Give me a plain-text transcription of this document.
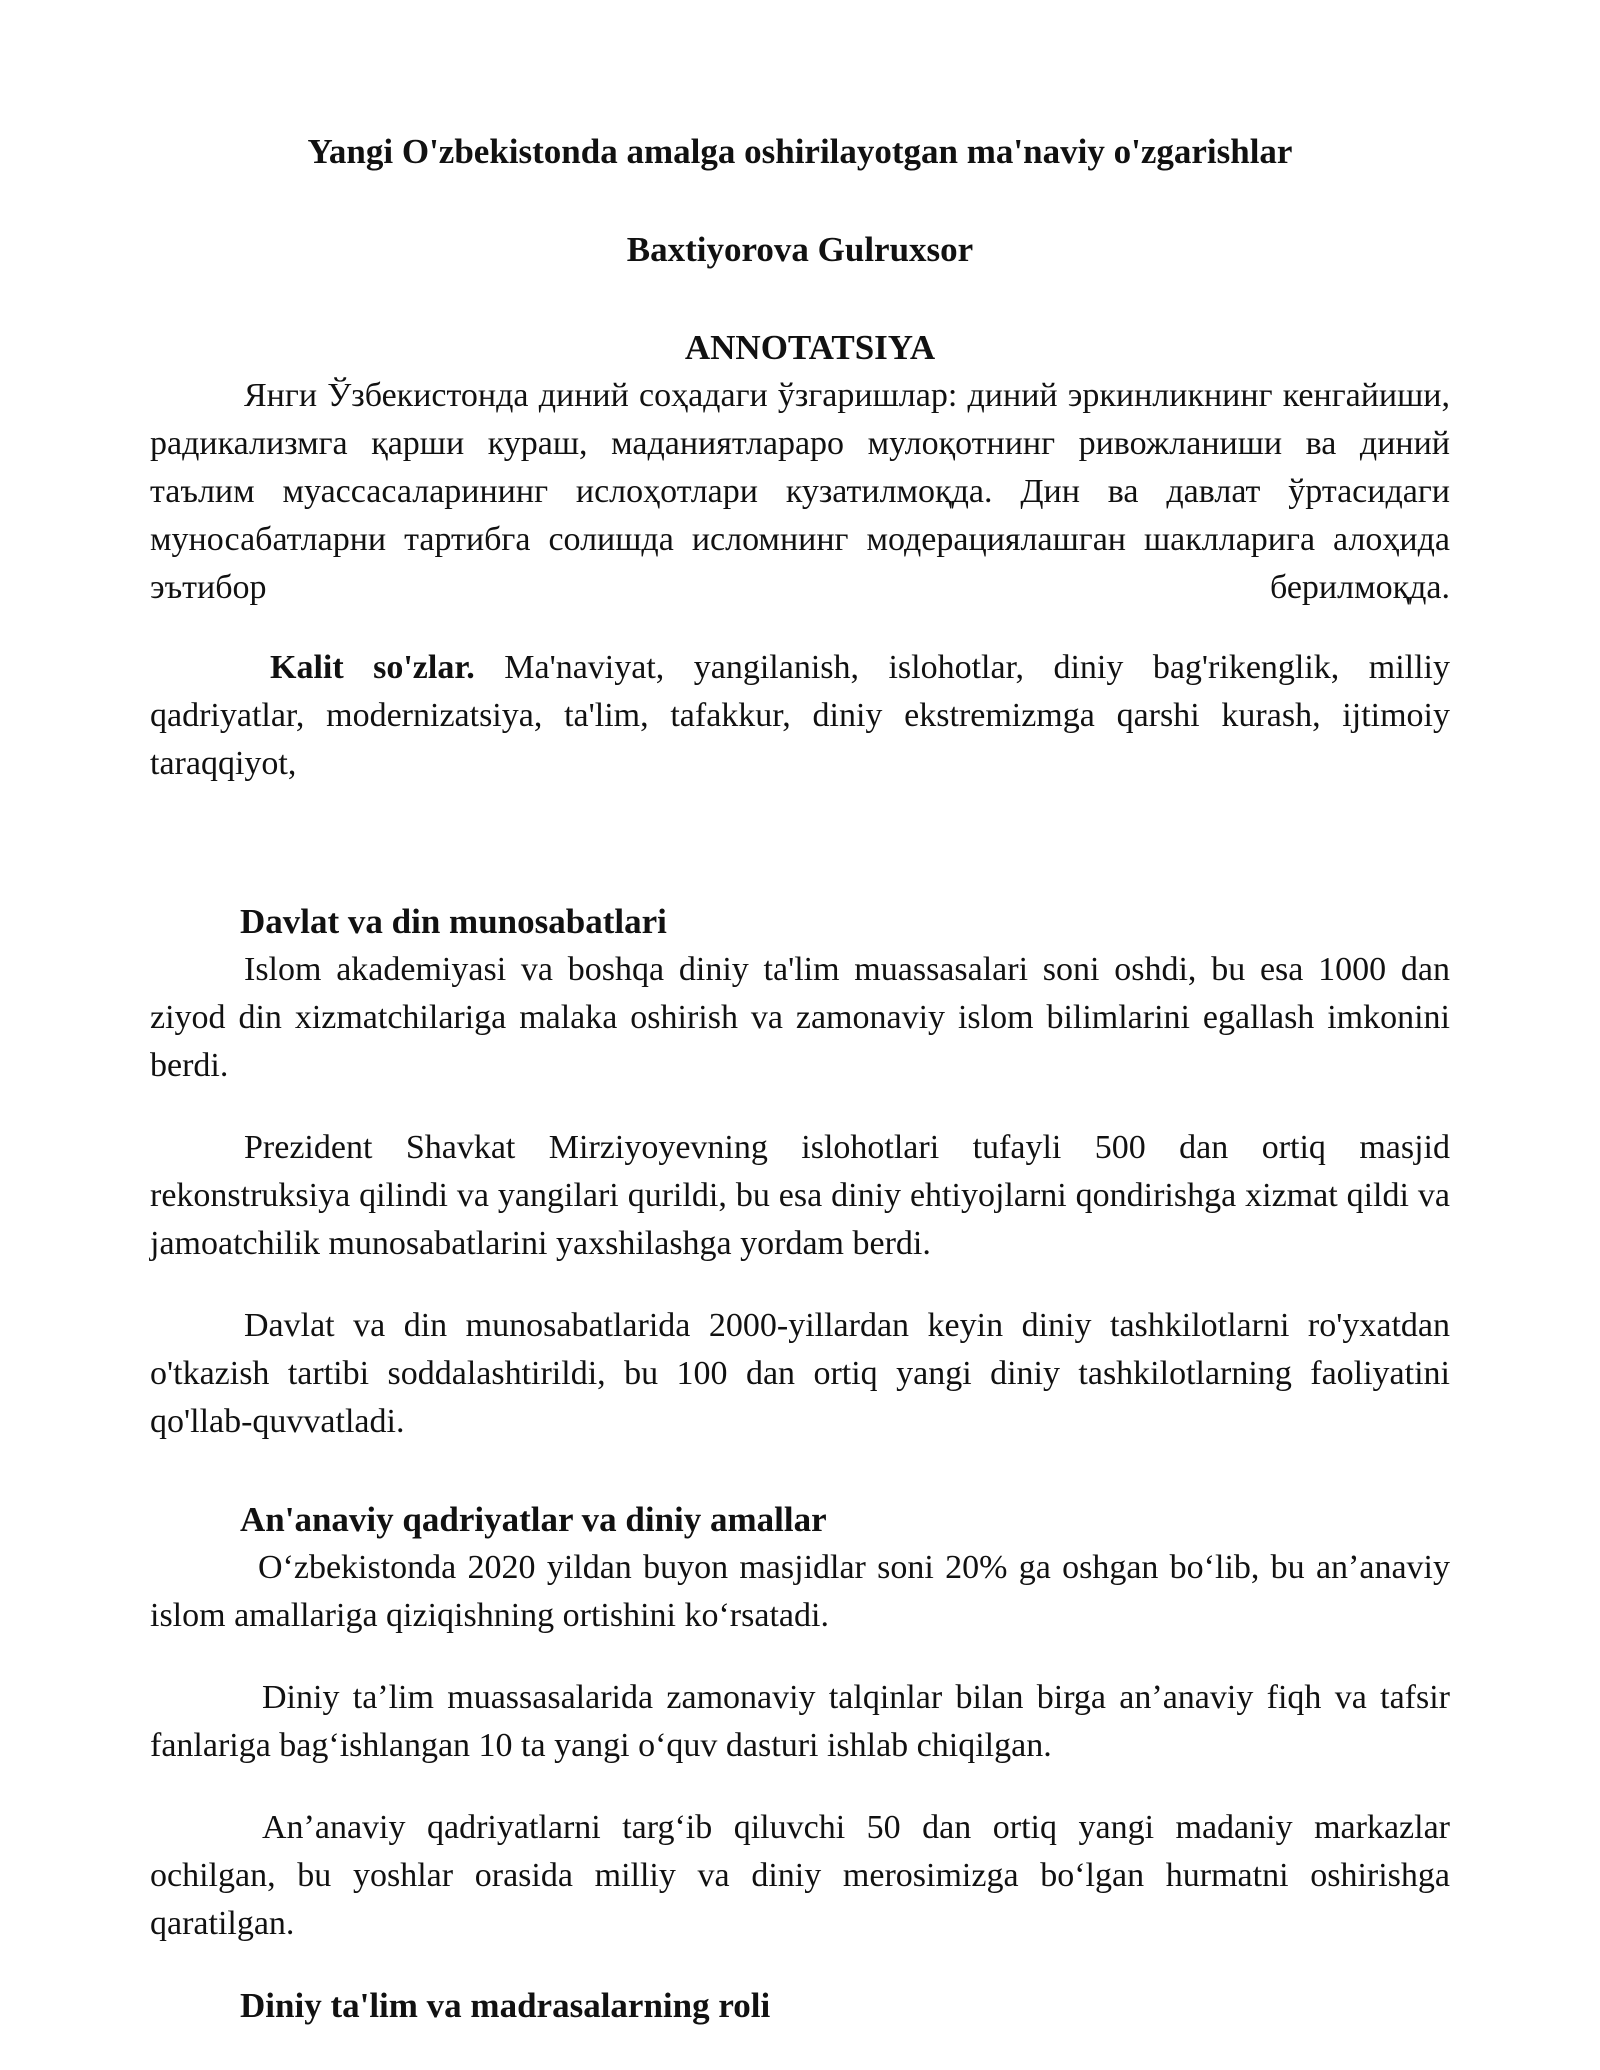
Yangi O'zbekistonda amalga oshirilayotgan ma'naviy o'zgarishlar
Baxtiyorova Gulruxsor
ANNOTATSIYA

Янги Ўзбекистонда диний соҳадаги ўзгаришлар: диний эркинликнинг кенгайиши, радикализмга қарши кураш, маданиятлараро мулоқотнинг ривожланиши ва диний таълим муассасаларининг ислоҳотлари кузатилмоқда. Дин ва давлат ўртасидаги муносабатларни тартибга солишда исломнинг модерациялашган шаклларига алоҳида эътибор берилмоқда.

Kalit so'zlar. Ma'naviyat, yangilanish, islohotlar, diniy bag'rikenglik, milliy qadriyatlar, modernizatsiya, ta'lim, tafakkur, diniy ekstremizmga qarshi kurash, ijtimoiy taraqqiyot,

Davlat va din munosabatlari

Islom akademiyasi va boshqa diniy ta'lim muassasalari soni oshdi, bu esa 1000 dan ziyod din xizmatchilariga malaka oshirish va zamonaviy islom bilimlarini egallash imkonini berdi.

Prezident Shavkat Mirziyoyevning islohotlari tufayli 500 dan ortiq masjid rekonstruksiya qilindi va yangilari qurildi, bu esa diniy ehtiyojlarni qondirishga xizmat qildi va jamoatchilik munosabatlarini yaxshilashga yordam berdi.

Davlat va din munosabatlarida 2000-yillardan keyin diniy tashkilotlarni ro'yxatdan o'tkazish tartibi soddalashtirildi, bu 100 dan ortiq yangi diniy tashkilotlarning faoliyatini qo'llab-quvvatladi.

An'anaviy qadriyatlar va diniy amallar

Oʻzbekistonda 2020 yildan buyon masjidlar soni 20% ga oshgan boʻlib, bu anʼanaviy islom amallariga qiziqishning ortishini koʻrsatadi.

Diniy taʼlim muassasalarida zamonaviy talqinlar bilan birga anʼanaviy fiqh va tafsir fanlariga bagʻishlangan 10 ta yangi oʻquv dasturi ishlab chiqilgan.

Anʼanaviy qadriyatlarni targʻib qiluvchi 50 dan ortiq yangi madaniy markazlar ochilgan, bu yoshlar orasida milliy va diniy merosimizga boʻlgan hurmatni oshirishga qaratilgan.

Diniy ta'lim va madrasalarning roli
